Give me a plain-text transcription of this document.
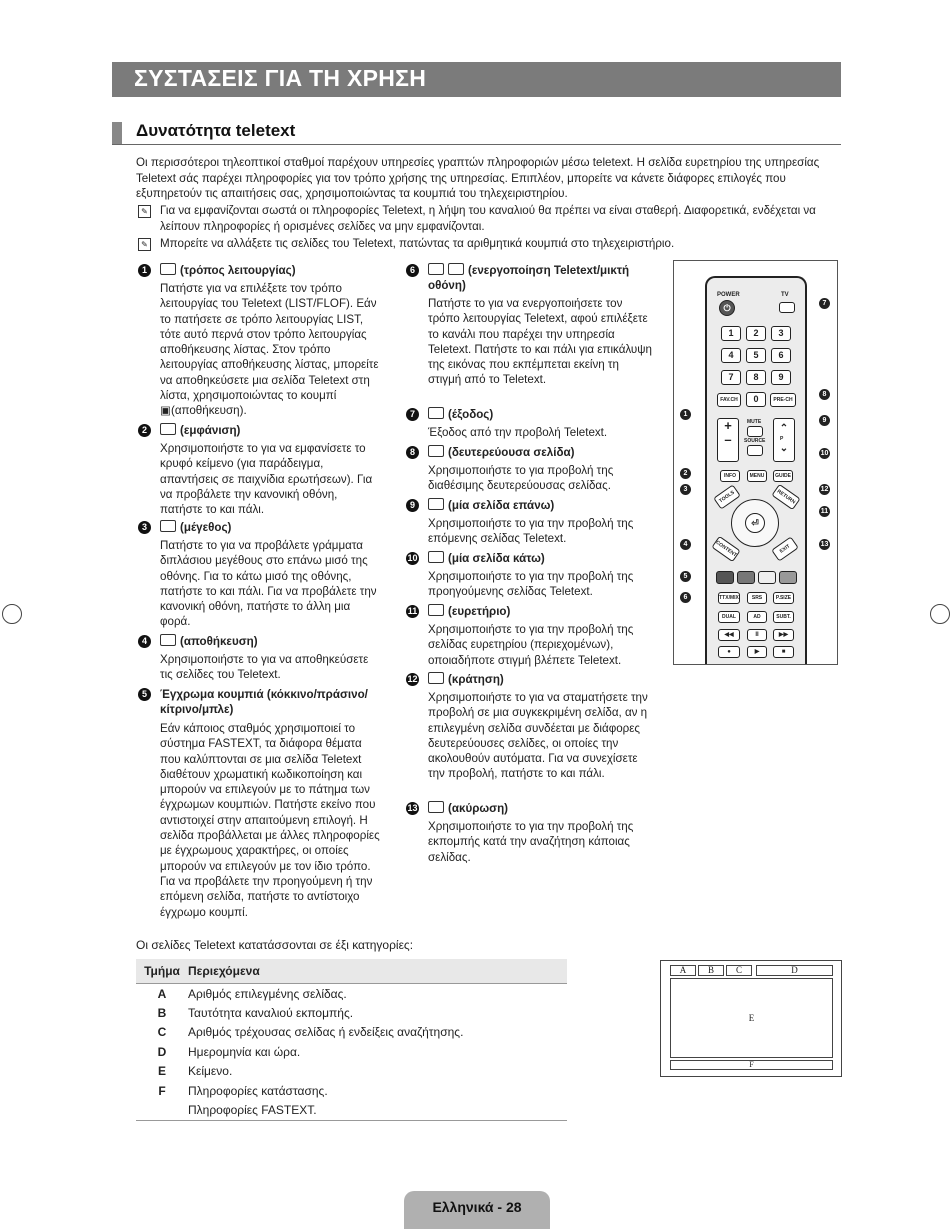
ΣΥΣΤΑΣΕΙΣ ΓΙΑ ΤΗ ΧΡΗΣΗ
Δυνατότητα teletext
Οι περισσότεροι τηλεοπτικοί σταθμοί παρέχουν υπηρεσίες γραπτών πληροφοριών μέσω teletext. Η σελίδα ευρετηρίου της υπηρεσίας Teletext σάς παρέχει πληροφορίες για τον τρόπο χρήσης της υπηρεσίας. Επιπλέον, μπορείτε να κάνετε διάφορες επιλογές που εξυπηρετούν τις απαιτήσεις σας, χρησιμοποιώντας τα κουμπιά του τηλεχειριστηρίου.
✎ Για να εμφανίζονται σωστά οι πληροφορίες Teletext, η λήψη του καναλιού θα πρέπει να είναι σταθερή. Διαφορετικά, ενδέχεται να λείπουν πληροφορίες ή ορισμένες σελίδες να μην εμφανίζονται.
✎ Μπορείτε να αλλάξετε τις σελίδες του Teletext, πατώντας τα αριθμητικά κουμπιά στο τηλεχειριστήριο.
1	(τρόπος λειτουργίας)
Πατήστε για να επιλέξετε τον τρόπο λειτουργίας του Teletext (LIST/FLOF). Εάν το πατήσετε σε τρόπο λειτουργίας LIST, τότε αυτό περνά στον τρόπο λειτουργίας αποθήκευσης λίστας. Στον τρόπο λειτουργίας αποθήκευσης λίστας, μπορείτε να αποθηκεύσετε μια σελίδα Teletext στη λίστα, χρησιμοποιώντας το κουμπί ▣(αποθήκευση).
2	(εμφάνιση)
Χρησιμοποιήστε το για να εμφανίσετε το κρυφό κείμενο (για παράδειγμα, απαντήσεις σε παιχνίδια ερωτήσεων). Για να προβάλετε την κανονική οθόνη, πατήστε το και πάλι.
3	(μέγεθος)
Πατήστε το για να προβάλετε γράμματα διπλάσιου μεγέθους στο επάνω μισό της οθόνης. Για το κάτω μισό της οθόνης, πατήστε το και πάλι. Για να προβάλετε την κανονική οθόνη, πατήστε το άλλη μια φορά.
4	(αποθήκευση)
Χρησιμοποιήστε το για να αποθηκεύσετε τις σελίδες του Teletext.
5	Έγχρωμα κουμπιά (κόκκινο/πράσινο/κίτρινο/μπλε)
Εάν κάποιος σταθμός χρησιμοποιεί το σύστημα FASTEXT, τα διάφορα θέματα που καλύπτονται σε μια σελίδα Teletext διαθέτουν χρωματική κωδικοποίηση και μπορούν να επιλεγούν με το πάτημα των έγχρωμων κουμπιών. Πατήστε εκείνο που αντιστοιχεί στην απαιτούμενη επιλογή. Η σελίδα προβάλλεται με άλλες πληροφορίες με έγχρωμους χαρακτήρες, οι οποίες μπορούν να επιλεγούν με τον ίδιο τρόπο. Για να προβάλετε την προηγούμενη ή την επόμενη σελίδα, πατήστε το αντίστοιχο έγχρωμο κουμπί.
6	(ενεργοποίηση Teletext/μικτή οθόνη)
Πατήστε το για να ενεργοποιήσετε τον τρόπο λειτουργίας Teletext, αφού επιλέξετε το κανάλι που παρέχει την υπηρεσία Teletext. Πατήστε το και πάλι για επικάλυψη της εικόνας που εκπέμπεται εκείνη τη στιγμή από το Teletext.
7	(έξοδος)
Έξοδος από την προβολή Teletext.
8	(δευτερεύουσα σελίδα)
Χρησιμοποιήστε το για προβολή της διαθέσιμης δευτερεύουσας σελίδας.
9	(μία σελίδα επάνω)
Χρησιμοποιήστε το για την προβολή της επόμενης σελίδας Teletext.
10	(μία σελίδα κάτω)
Χρησιμοποιήστε το για την προβολή της προηγούμενης σελίδας Teletext.
11	(ευρετήριο)
Χρησιμοποιήστε το για την προβολή της σελίδας ευρετηρίου (περιεχομένων), οποιαδήποτε στιγμή βλέπετε Teletext.
12	(κράτηση)
Χρησιμοποιήστε το για να σταματήσετε την προβολή σε μια συγκεκριμένη σελίδα, αν η επιλεγμένη σελίδα συνδέεται με διάφορες δευτερεύουσες σελίδες, οι οποίες την ακολουθούν αυτόματα. Για να συνεχίσετε την προβολή, πατήστε το και πάλι.
13	(ακύρωση)
Χρησιμοποιήστε το για την προβολή της εκπομπής κατά την αναζήτηση κάποιας σελίδας.
POWER	TV
⏻
1	2	3
4	5	6
7	8	9
FAV.CH	0	PRE-CH
+
–
MUTE
SOURCE
⌃
⌄
P
INFO	MENU	GUIDE
TOOLS	RETURN
⏎
CONTENT	EXIT
TTX/MIX	SRS	P.SIZE
DUAL	AD	SUBT.
◀◀	II	▶▶
●	▶	■
1
2
3
4
5
6
7
8
9
10
11
12
13
Οι σελίδες Teletext κατατάσσονται σε έξι κατηγορίες:
Τμήμα	Περιεχόμενα
A	Αριθμός επιλεγμένης σελίδας.
B	Ταυτότητα καναλιού εκπομπής.
C	Αριθμός τρέχουσας σελίδας ή ενδείξεις αναζήτησης.
D	Ημερομηνία και ώρα.
E	Κείμενο.
F	Πληροφορίες κατάστασης.
	Πληροφορίες FASTEXT.
A	B	C	D
E
F
Ελληνικά - 28
